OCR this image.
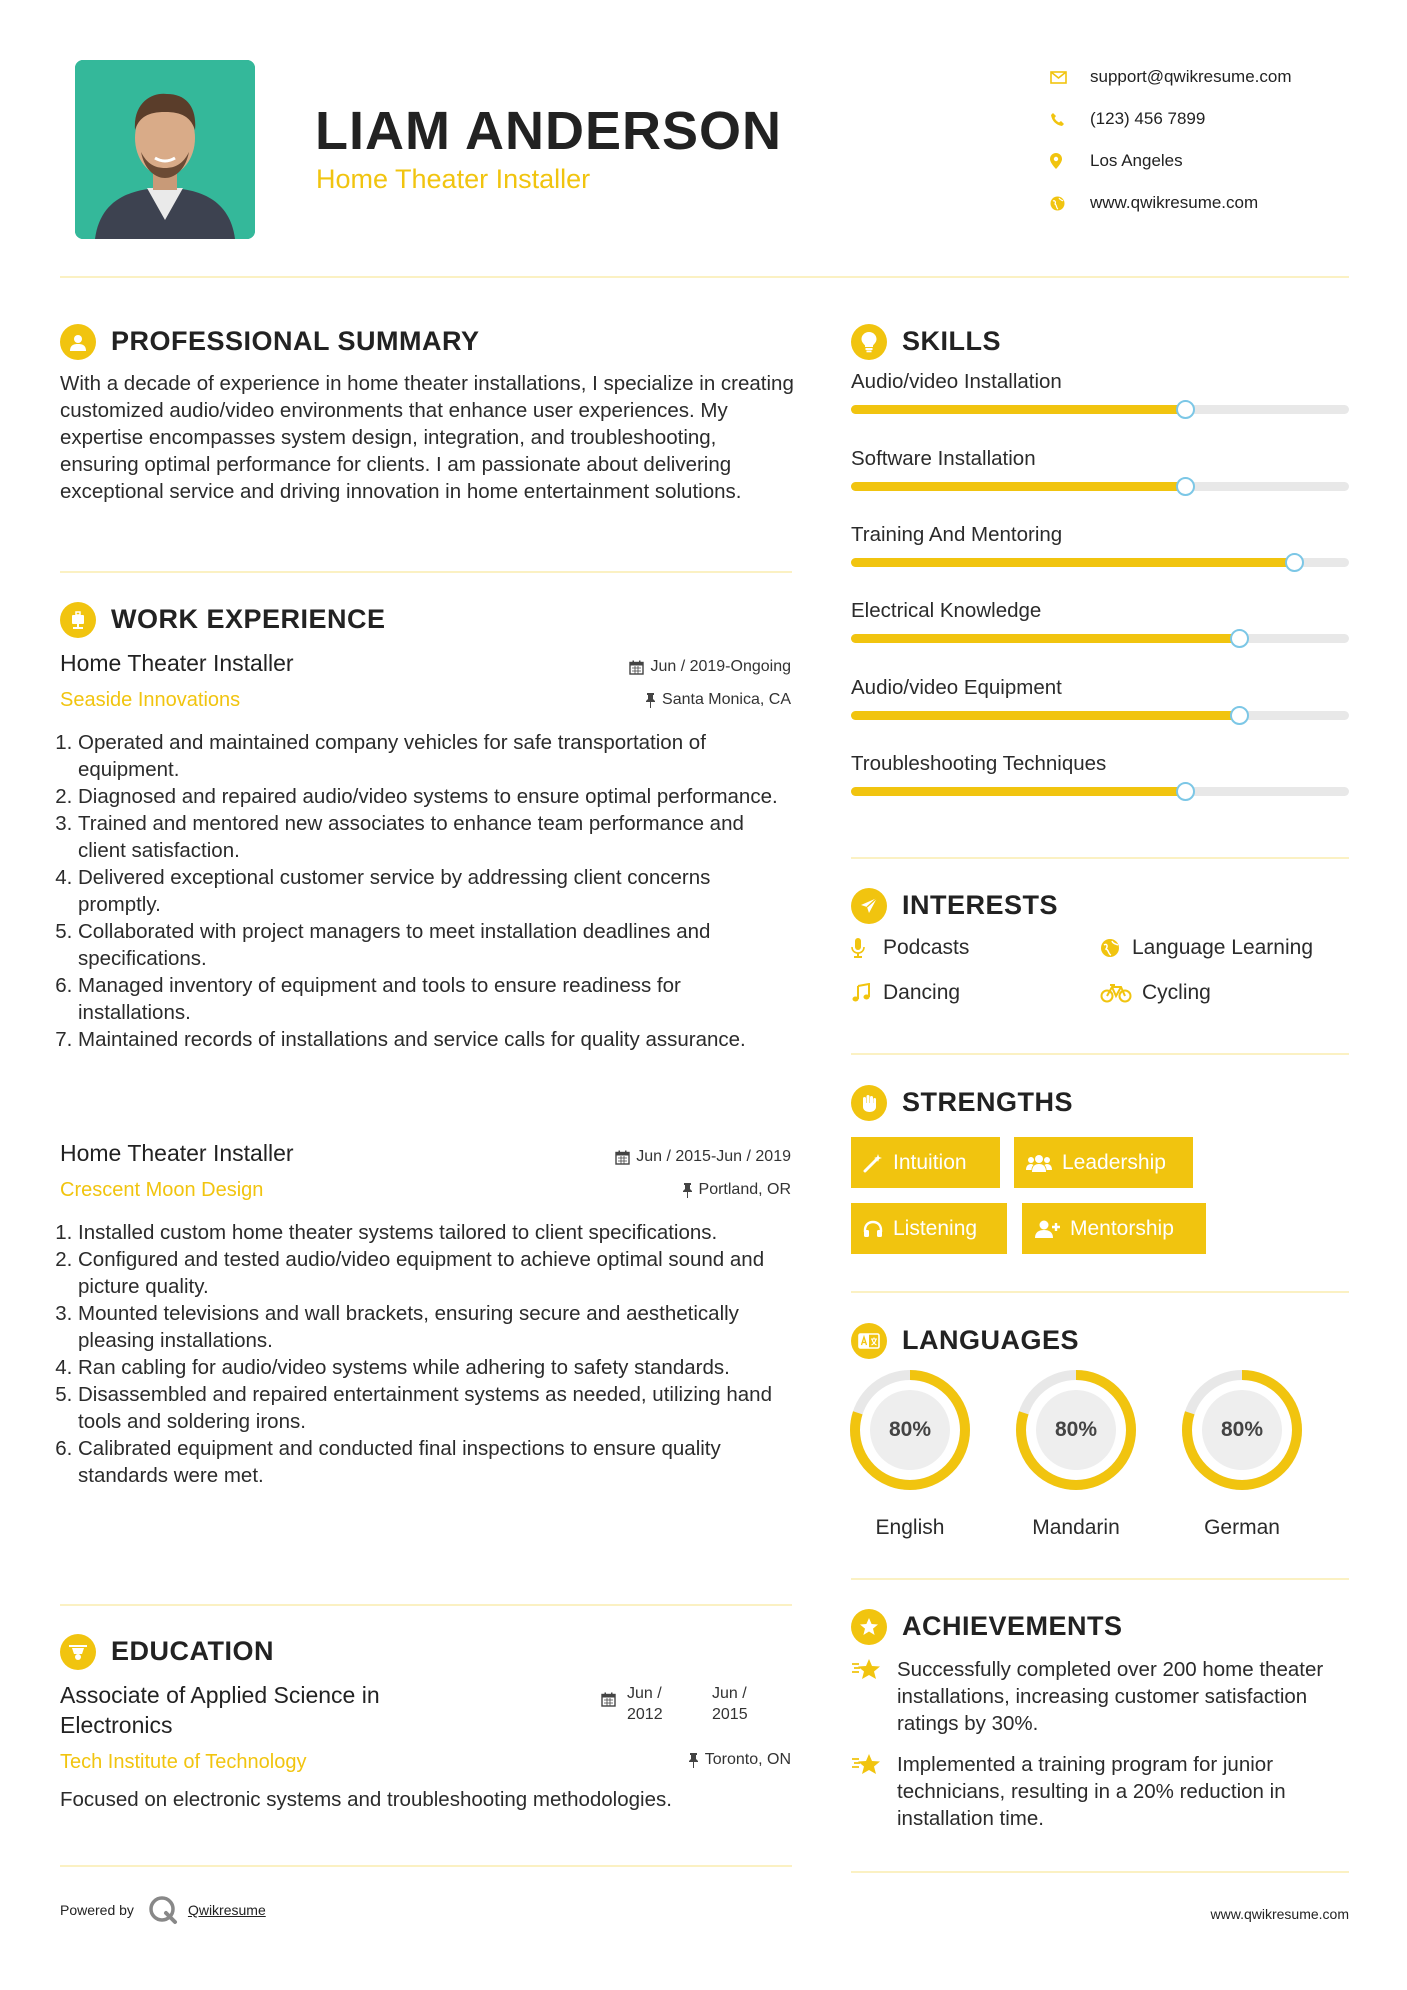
LIAM ANDERSON
Home Theater Installer
support@qwikresume.com
(123) 456 7899
Los Angeles
www.qwikresume.com
PROFESSIONAL SUMMARY
With a decade of experience in home theater installations, I specialize in creating customized audio/video environments that enhance user experiences. My expertise encompasses system design, integration, and troubleshooting, ensuring optimal performance for clients. I am passionate about delivering exceptional service and driving innovation in home entertainment solutions.
WORK EXPERIENCE
Home Theater Installer
Seaside Innovations
Jun / 2019-Ongoing
Santa Monica, CA
1. Operated and maintained company vehicles for safe transportation of equipment.
2. Diagnosed and repaired audio/video systems to ensure optimal performance.
3. Trained and mentored new associates to enhance team performance and client satisfaction.
4. Delivered exceptional customer service by addressing client concerns promptly.
5. Collaborated with project managers to meet installation deadlines and specifications.
6. Managed inventory of equipment and tools to ensure readiness for installations.
7. Maintained records of installations and service calls for quality assurance.
Home Theater Installer
Crescent Moon Design
Jun / 2015-Jun / 2019
Portland, OR
1. Installed custom home theater systems tailored to client specifications.
2. Configured and tested audio/video equipment to achieve optimal sound and picture quality.
3. Mounted televisions and wall brackets, ensuring secure and aesthetically pleasing installations.
4. Ran cabling for audio/video systems while adhering to safety standards.
5. Disassembled and repaired entertainment systems as needed, utilizing hand tools and soldering irons.
6. Calibrated equipment and conducted final inspections to ensure quality standards were met.
EDUCATION
Associate of Applied Science in
Electronics
Tech Institute of Technology
Jun /
2012
Jun /
2015
Toronto, ON
Focused on electronic systems and troubleshooting methodologies.
SKILLS
Audio/video Installation
Software Installation
Training And Mentoring
Electrical Knowledge
Audio/video Equipment
Troubleshooting Techniques
INTERESTS
Podcasts	Language Learning
Dancing	Cycling
STRENGTHS
Intuition	Leadership
Listening	Mentorship
LANGUAGES
80%
English
80%
Mandarin
80%
German
ACHIEVEMENTS
Successfully completed over 200 home theater installations, increasing customer satisfaction ratings by 30%.
Implemented a training program for junior technicians, resulting in a 20% reduction in installation time.
Powered by	Qwikresume	www.qwikresume.com
